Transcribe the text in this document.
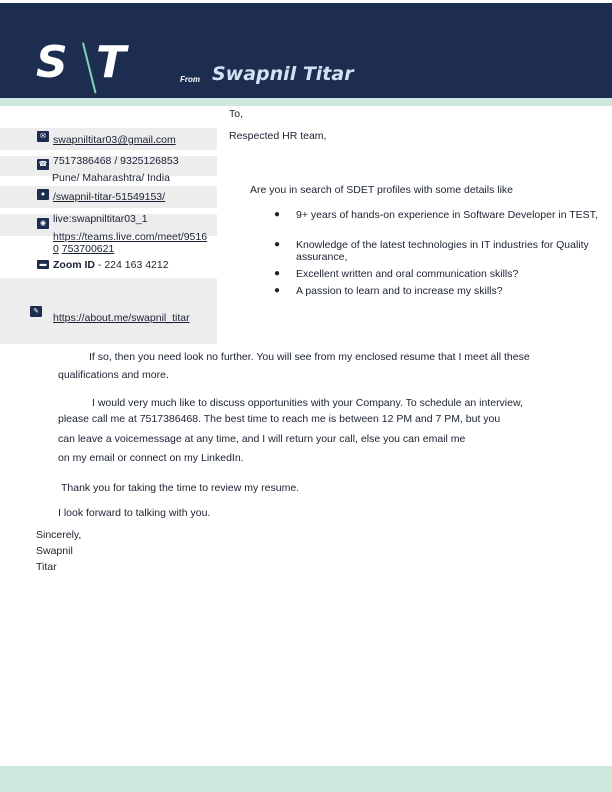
S T	From Swapnil Titar
✉ swapniltitar03@gmail.com
☎ 7517386468 / 9325126853
Pune/ Maharashtra/ India
● /swapnil-titar-51549153/
◉ live:swapniltitar03_1
https://teams.live.com/meet/9516
0 753700621
▬ Zoom ID - 224 163 4212
✎
https://about.me/swapnil_titar
To,
Respected HR team,
Are you in search of SDET profiles with some details like
● 9+ years of hands-on experience in Software Developer in TEST,
● Knowledge of the latest technologies in IT industries for Quality assurance,
● Excellent written and oral communication skills?
● A passion to learn and to increase my skills?
If so, then you need look no further. You will see from my enclosed resume that I meet all these
qualifications and more.
I would very much like to discuss opportunities with your Company. To schedule an interview,
please call me at 7517386468. The best time to reach me is between 12 PM and 7 PM, but you
can leave a voicemessage at any time, and I will return your call, else you can email me
on my email or connect on my LinkedIn.
Thank you for taking the time to review my resume.
I look forward to talking with you.
Sincerely,
Swapnil
Titar
